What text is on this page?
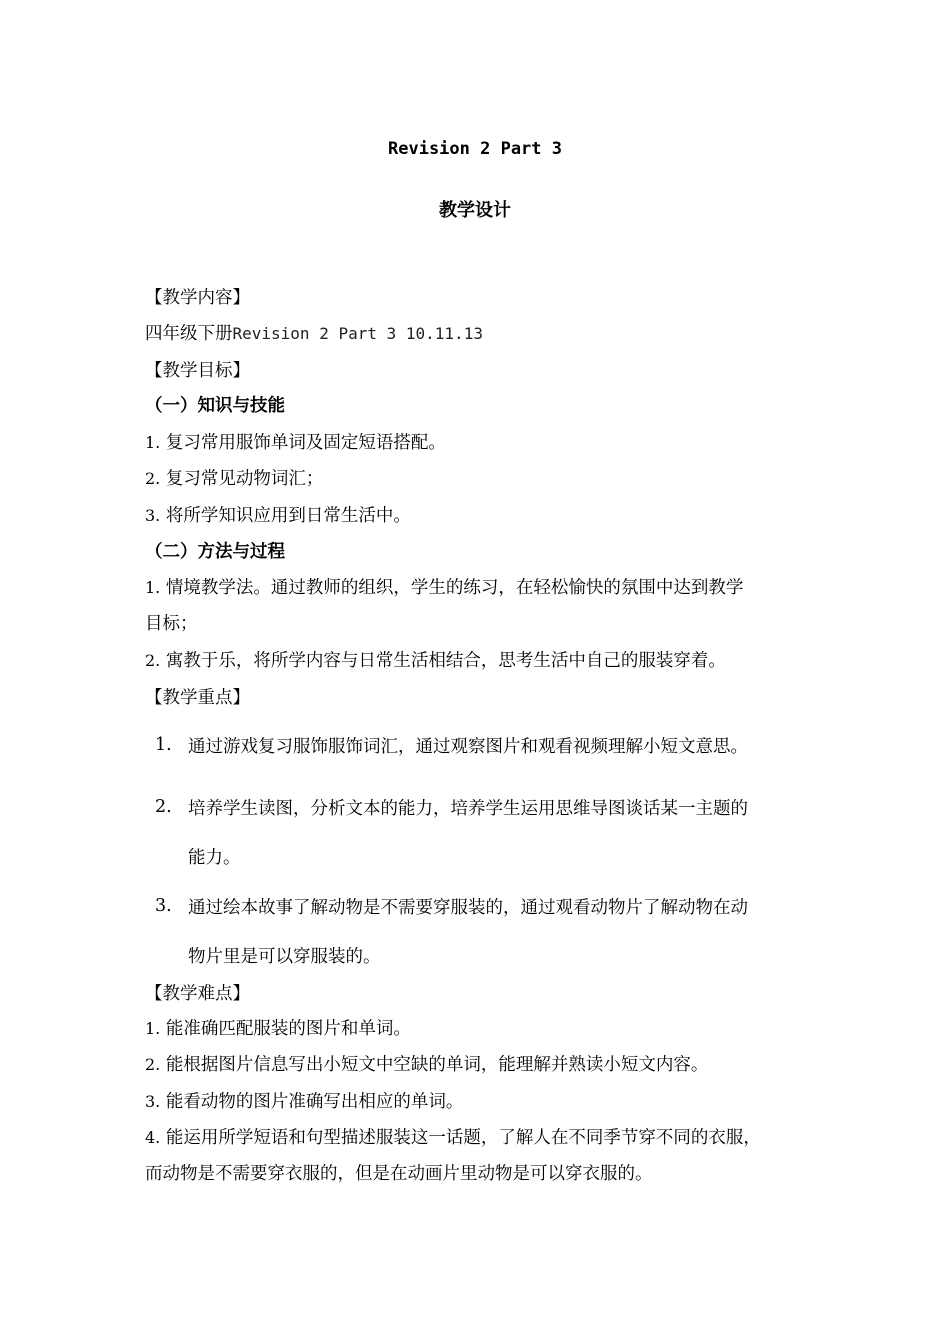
Revision 2 Part 3
教学设计
【教学内容】
四年级下册Revision 2 Part 3 10.11.13
【教学目标】
（一）知识与技能
1. 复习常用服饰单词及固定短语搭配。
2. 复习常见动物词汇；
3. 将所学知识应用到日常生活中。
（二）方法与过程
1. 情境教学法。通过教师的组织，学生的练习，在轻松愉快的氛围中达到教学
目标；
2. 寓教于乐，将所学内容与日常生活相结合，思考生活中自己的服装穿着。
【教学重点】
1. 通过游戏复习服饰服饰词汇，通过观察图片和观看视频理解小短文意思。
2. 培养学生读图，分析文本的能力，培养学生运用思维导图谈话某一主题的
能力。
3. 通过绘本故事了解动物是不需要穿服装的，通过观看动物片了解动物在动
物片里是可以穿服装的。
【教学难点】
1. 能准确匹配服装的图片和单词。
2. 能根据图片信息写出小短文中空缺的单词，能理解并熟读小短文内容。
3. 能看动物的图片准确写出相应的单词。
4. 能运用所学短语和句型描述服装这一话题，了解人在不同季节穿不同的衣服，
而动物是不需要穿衣服的，但是在动画片里动物是可以穿衣服的。
